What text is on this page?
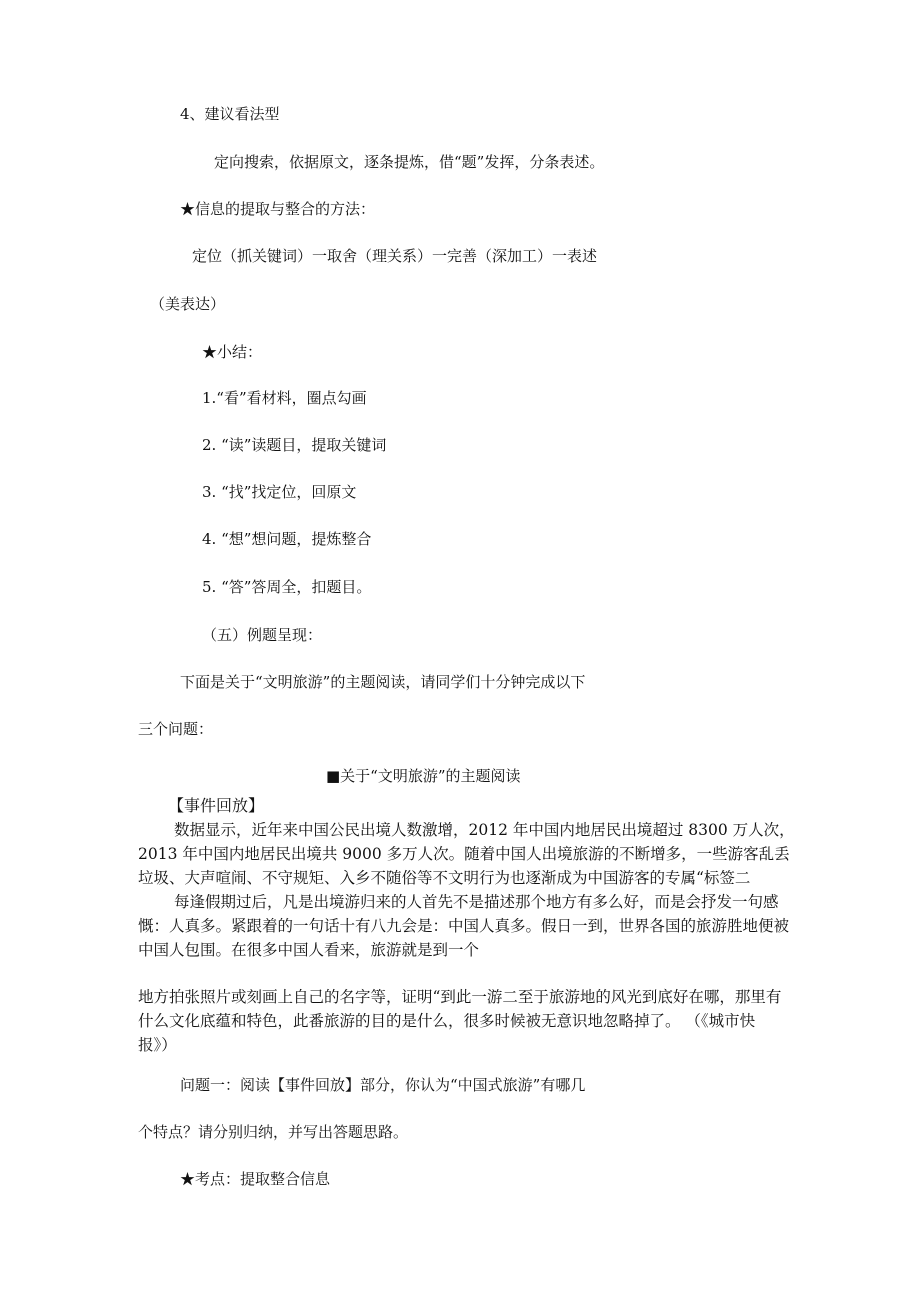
4、建议看法型
定向搜索，依据原文，逐条提炼，借“题”发挥，分条表述。
★信息的提取与整合的方法：
定位（抓关键词）一取舍（理关系）一完善（深加工）一表述
（美表达）
★小结：
1.“看”看材料，圈点勾画
2. “读”读题目，提取关键词
3. “找”找定位，回原文
4. “想”想问题，提炼整合
5. “答”答周全，扣题目。
（五）例题呈现：
下面是关于“文明旅游”的主题阅读，请同学们十分钟完成以下
三个问题：
■关于“文明旅游”的主题阅读
【事件回放】

数据显示，近年来中国公民出境人数激增，2012 年中国内地居民出境超过 8300 万人次，

2013 年中国内地居民出境共 9000 多万人次。随着中国人出境旅游的不断增多，一些游客乱丢

垃圾、大声喧闹、不守规矩、入乡不随俗等不文明行为也逐渐成为中国游客的专属“标签二

每逢假期过后，凡是出境游归来的人首先不是描述那个地方有多么好，而是会抒发一句感

慨：人真多。紧跟着的一句话十有八九会是：中国人真多。假日一到，世界各国的旅游胜地便被

中国人包围。在很多中国人看来，旅游就是到一个

地方拍张照片或刻画上自己的名字等，证明“到此一游二至于旅游地的风光到底好在哪，那里有

什么文化底蕴和特色，此番旅游的目的是什么，很多时候被无意识地忽略掉了。 （《城市快

报》）

问题一：阅读【事件回放】部分，你认为“中国式旅游”有哪几
个特点？请分别归纳，并写出答题思路。
★考点：提取整合信息
